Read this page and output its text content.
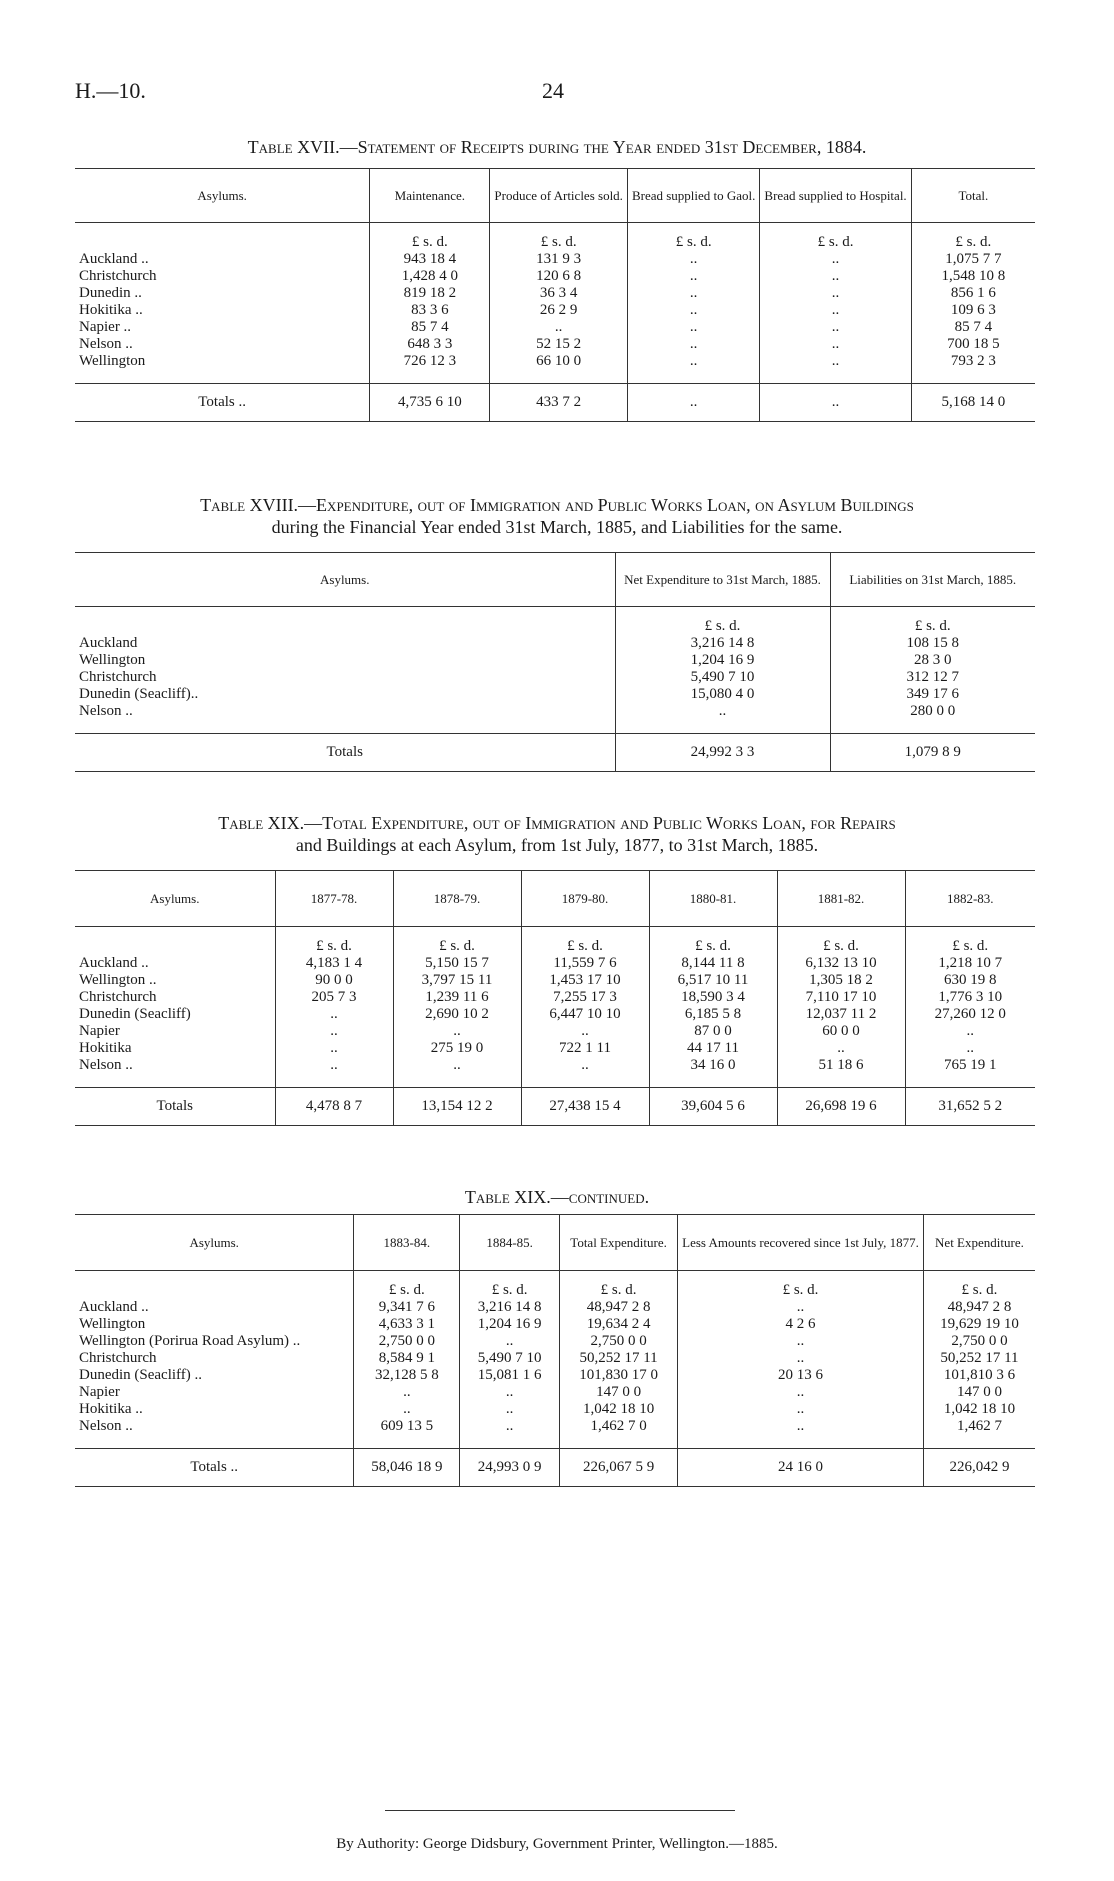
H.—10.	24
Table XVII.—Statement of Receipts during the Year ended 31st December, 1884.
Asylums.	Maintenance.	Produce of Articles sold.	Bread supplied to Gaol.	Bread supplied to Hospital.	Total.
	£ s. d.	£ s. d.	£ s. d.	£ s. d.	£ s. d.
Auckland ..	943 18 4	131 9 3	..	..	1,075 7 7
Christchurch	1,428 4 0	120 6 8	..	..	1,548 10 8
Dunedin ..	819 18 2	36 3 4	..	..	856 1 6
Hokitika ..	83 3 6	26 2 9	..	..	109 6 3
Napier ..	85 7 4	..	..	..	85 7 4
Nelson ..	648 3 3	52 15 2	..	..	700 18 5
Wellington	726 12 3	66 10 0	..	..	793 2 3

Totals ..	4,735 6 10	433 7 2	..	..	5,168 14 0
Table XVIII.—Expenditure, out of Immigration and Public Works Loan, on Asylum Buildings
during the Financial Year ended 31st March, 1885, and Liabilities for the same.
Asylums.	Net Expenditure to 31st March, 1885.	Liabilities on 31st March, 1885.
	£ s. d.	£ s. d.
Auckland	3,216 14 8	108 15 8
Wellington	1,204 16 9	28 3 0
Christchurch	5,490 7 10	312 12 7
Dunedin (Seacliff)..	15,080 4 0	349 17 6
Nelson ..	..	280 0 0

Totals	24,992 3 3	1,079 8 9
Table XIX.—Total Expenditure, out of Immigration and Public Works Loan, for Repairs
and Buildings at each Asylum, from 1st July, 1877, to 31st March, 1885.
Asylums.	1877-78.	1878-79.	1879-80.	1880-81.	1881-82.	1882-83.
	£ s. d.	£ s. d.	£ s. d.	£ s. d.	£ s. d.	£ s. d.
Auckland ..	4,183 1 4	5,150 15 7	11,559 7 6	8,144 11 8	6,132 13 10	1,218 10 7
Wellington ..	90 0 0	3,797 15 11	1,453 17 10	6,517 10 11	1,305 18 2	630 19 8
Christchurch	205 7 3	1,239 11 6	7,255 17 3	18,590 3 4	7,110 17 10	1,776 3 10
Dunedin (Seacliff)	..	2,690 10 2	6,447 10 10	6,185 5 8	12,037 11 2	27,260 12 0
Napier	..	..	..	87 0 0	60 0 0	..
Hokitika	..	275 19 0	722 1 11	44 17 11	..	..
Nelson ..	..	..	..	34 16 0	51 18 6	765 19 1

Totals	4,478 8 7	13,154 12 2	27,438 15 4	39,604 5 6	26,698 19 6	31,652 5 2
Table XIX.—continued.
Asylums.	1883-84.	1884-85.	Total Expenditure.	Less Amounts recovered since 1st July, 1877.	Net Expenditure.
	£ s. d.	£ s. d.	£ s. d.	£ s. d.	£ s. d.
Auckland ..	9,341 7 6	3,216 14 8	48,947 2 8	..	48,947 2 8
Wellington	4,633 3 1	1,204 16 9	19,634 2 4	4 2 6	19,629 19 10
Wellington (Porirua Road Asylum) ..	2,750 0 0	..	2,750 0 0	..	2,750 0 0
Christchurch	8,584 9 1	5,490 7 10	50,252 17 11	..	50,252 17 11
Dunedin (Seacliff) ..	32,128 5 8	15,081 1 6	101,830 17 0	20 13 6	101,810 3 6
Napier	..	..	147 0 0	..	147 0 0
Hokitika ..	..	..	1,042 18 10	..	1,042 18 10
Nelson ..	609 13 5	..	1,462 7 0	..	1,462 7

Totals ..	58,046 18 9	24,993 0 9	226,067 5 9	24 16 0	226,042 9
By Authority: George Didsbury, Government Printer, Wellington.—1885.
